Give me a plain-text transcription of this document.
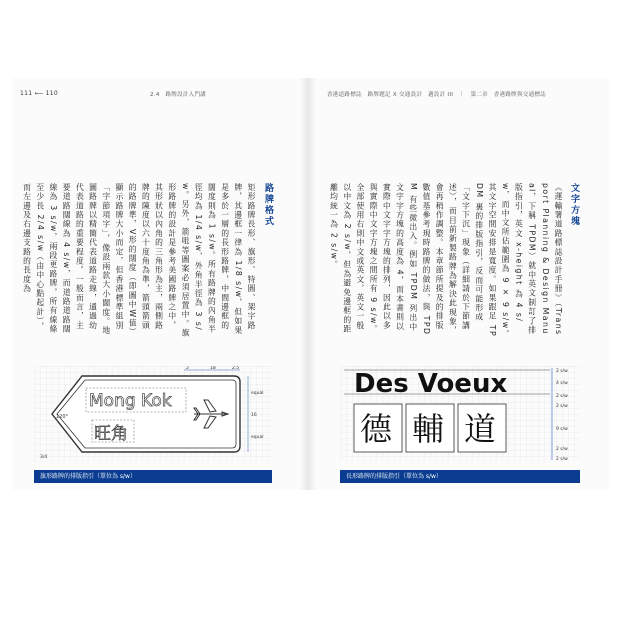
111 ⟵ 110	2.4　路牌設計入門講	香港道路標誌　路牌題記 X 交通設計　邁設計 III　｜　第二章　香港路牌與交通標誌
路牌格式
矩形路牌長形、旗形、特圓、架字路牌，其邊框一律為 1/8 s/w，但如果是多於一層的長形路牌，中間邊框的闊度則為 1 s/w。所有路牌的內角半徑均為 1/4 s/w，外角半徑為 3 s/w。另外，箭咀等圖案必須居置中。旗形路牌的設計是參考美國路牌之中，其形狀以內角的三角形為主，兩側路牌的陳度以六十度角為準，箭頭箭頭的路牌準，V形的闊度（即圖中W值）顯示路牌大小而定，但香港標準組別「字節項字」，像設兩款大小闊度。地圖路牌以精簡代表道路走線，通過幼代表道路的重要程度。一般而言，主要道路闊線為 4 s/w，而道路道路闊線為 3 s/w，兩段更路牌，所有線條至少長 2/4 s/w（由中心點起計），而左邊及右邊支路的長度為	文字方塊
《運輸署道路標誌設計手冊》（Transport Planning & Design Manual，下稱 TPDM）就中英文制訂了排版指引，英文 x-height 為 4 s/w，而中文所佔範圍為 9 × 9 s/w。其文字空間安排是寬度。如果跟足 TPDM 裏的排版指引，反而可能形成「文字下沉」現象（詳細請於下節講述），而目前新製路牌為解決此現象，會再稍作調整。本章節所提及的排版數值基參考現時路牌的做法，與 TPDM 有些微出入。例如 TPDM 列出中文字字方塊的高度為 4，而本書則以實際中文字字方塊的排列，因此以多與實際中文字方塊之間所有 9 s/w。全部使用右則中文或英文，英文一般以中文為 2 s/w，但為避免邊框的距離均統一為 2 s/w。
Mong Kok
旺角
120°
2	18	2.5
equal
16
equal
3/4
旗形路牌的排版指引（單位為 s/w）
Des Voeux
德 輔 道
2 s/w
4 s/w
2 s/w
2 s/w
9 s/w
2 s/w
2 s/w
長形路牌的排版指引（單位為 s/w）
